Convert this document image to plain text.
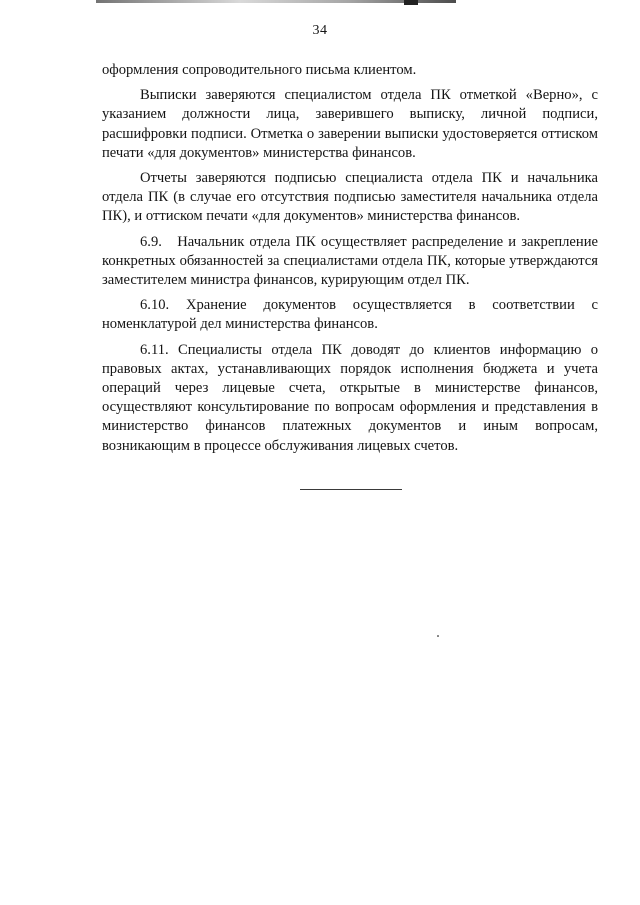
34

оформления сопроводительного письма клиентом.

Выписки заверяются специалистом отдела ПК отметкой «Верно», с указанием должности лица, заверившего выписку, личной подписи, расшифровки подписи. Отметка о заверении выписки удостоверяется оттиском печати «для документов» министерства финансов.

Отчеты заверяются подписью специалиста отдела ПК и начальника отдела ПК (в случае его отсутствия подписью заместителя начальника отдела ПК), и оттиском печати «для документов» министерства финансов.

6.9.   Начальник отдела ПК осуществляет распределение и закрепление конкретных обязанностей за специалистами отдела ПК, которые утверждаются заместителем министра финансов, курирующим отдел ПК.

6.10. Хранение документов осуществляется в соответствии с номенклатурой дел министерства финансов.

6.11. Специалисты отдела ПК доводят до клиентов информацию о правовых актах, устанавливающих порядок исполнения бюджета и учета операций через лицевые счета, открытые в министерстве финансов, осуществляют консультирование по вопросам оформления и представления в министерство финансов платежных документов и иным вопросам, возникающим в процессе обслуживания лицевых счетов.
